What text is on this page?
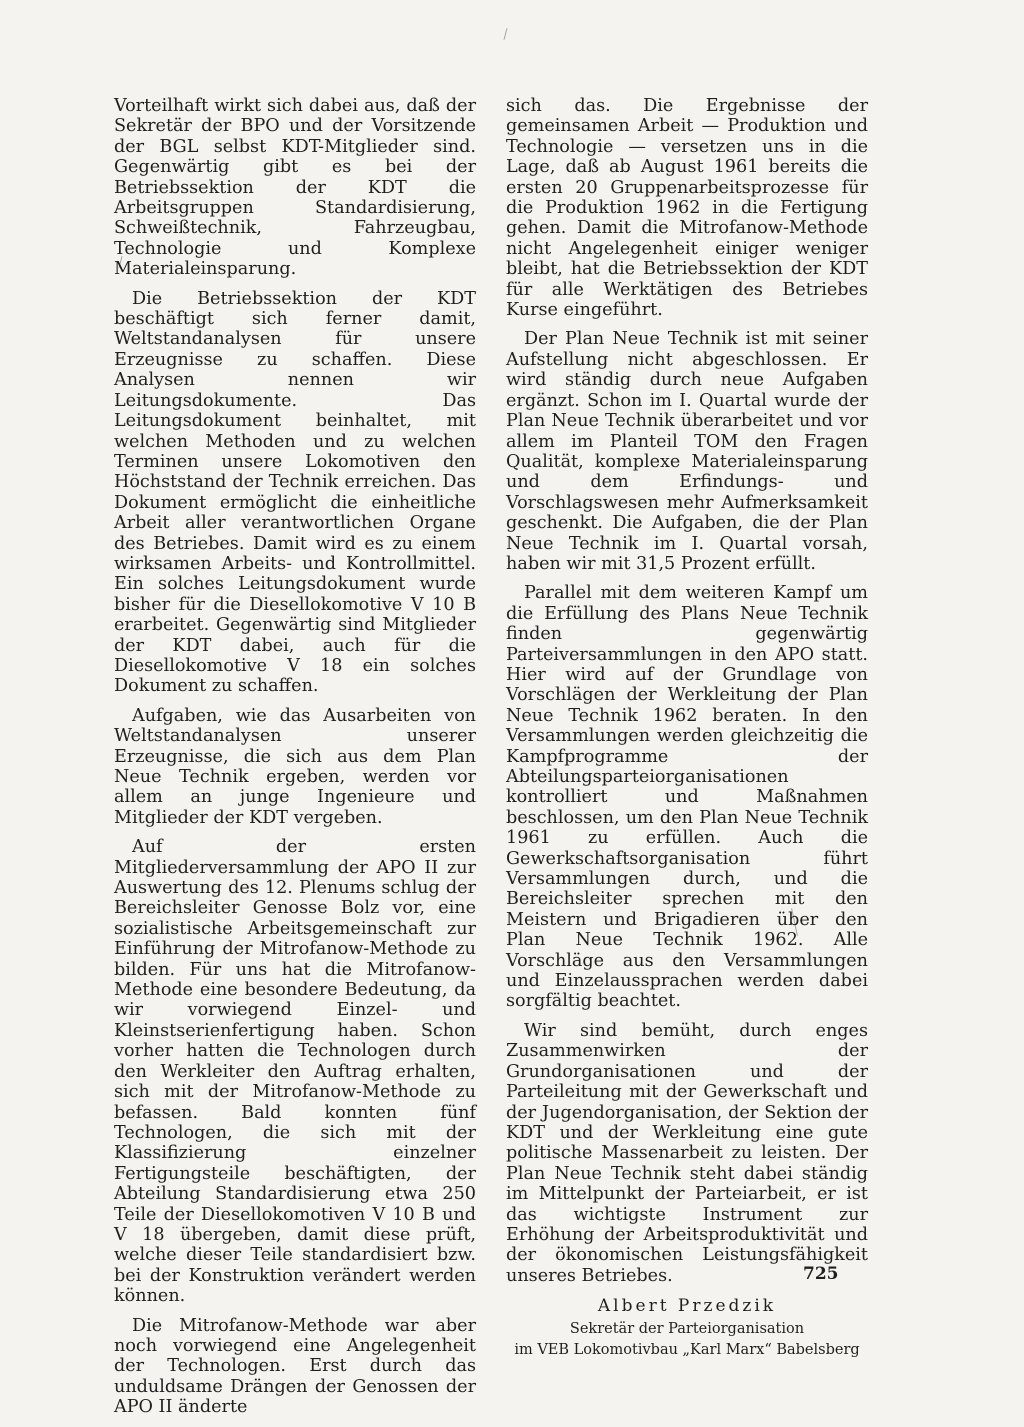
Vorteilhaft wirkt sich dabei aus, daß der Sekretär der BPO und der Vorsitzende der BGL selbst KDT-Mitglieder sind. Gegenwärtig gibt es bei der Betriebssektion der KDT die Arbeitsgruppen Standardisierung, Schweißtechnik, Fahrzeugbau, Technologie und Komplexe Materialeinsparung.

Die Betriebssektion der KDT beschäftigt sich ferner damit, Weltstandanalysen für unsere Erzeugnisse zu schaffen. Diese Analysen nennen wir Leitungsdokumente. Das Leitungsdokument beinhaltet, mit welchen Methoden und zu welchen Terminen unsere Lokomotiven den Höchststand der Technik erreichen. Das Dokument ermöglicht die einheitliche Arbeit aller verantwortlichen Organe des Betriebes. Damit wird es zu einem wirksamen Arbeits- und Kontrollmittel. Ein solches Leitungsdokument wurde bisher für die Diesellokomotive V 10 B erarbeitet. Gegenwärtig sind Mitglieder der KDT dabei, auch für die Diesellokomotive V 18 ein solches Dokument zu schaffen.

Aufgaben, wie das Ausarbeiten von Weltstandanalysen unserer Erzeugnisse, die sich aus dem Plan Neue Technik ergeben, werden vor allem an junge Ingenieure und Mitglieder der KDT vergeben.

Auf der ersten Mitgliederversammlung der APO II zur Auswertung des 12. Plenums schlug der Bereichsleiter Genosse Bolz vor, eine sozialistische Arbeitsgemeinschaft zur Einführung der Mitrofanow-Methode zu bilden. Für uns hat die Mitrofanow-Methode eine besondere Bedeutung, da wir vorwiegend Einzel- und Kleinstserienfertigung haben. Schon vorher hatten die Technologen durch den Werkleiter den Auftrag erhalten, sich mit der Mitrofanow-Methode zu befassen. Bald konnten fünf Technologen, die sich mit der Klassifizierung einzelner Fertigungsteile beschäftigten, der Abteilung Standardisierung etwa 250 Teile der Diesellokomotiven V 10 B und V 18 übergeben, damit diese prüft, welche dieser Teile standardisiert bzw. bei der Konstruktion verändert werden können.

Die Mitrofanow-Methode war aber noch vorwiegend eine Angelegenheit der Technologen. Erst durch das unduldsame Drängen der Genossen der APO II änderte

sich das. Die Ergebnisse der gemeinsamen Arbeit — Produktion und Technologie — versetzen uns in die Lage, daß ab August 1961 bereits die ersten 20 Gruppenarbeitsprozesse für die Produktion 1962 in die Fertigung gehen. Damit die Mitrofanow-Methode nicht Angelegenheit einiger weniger bleibt, hat die Betriebssektion der KDT für alle Werktätigen des Betriebes Kurse eingeführt.

Der Plan Neue Technik ist mit seiner Aufstellung nicht abgeschlossen. Er wird ständig durch neue Aufgaben ergänzt. Schon im I. Quartal wurde der Plan Neue Technik überarbeitet und vor allem im Planteil TOM den Fragen Qualität, komplexe Materialeinsparung und dem Erfindungs- und Vorschlagswesen mehr Aufmerksamkeit geschenkt. Die Aufgaben, die der Plan Neue Technik im I. Quartal vorsah, haben wir mit 31,5 Prozent erfüllt.

Parallel mit dem weiteren Kampf um die Erfüllung des Plans Neue Technik finden gegenwärtig Parteiversammlungen in den APO statt. Hier wird auf der Grundlage von Vorschlägen der Werkleitung der Plan Neue Technik 1962 beraten. In den Versammlungen werden gleichzeitig die Kampfprogramme der Abteilungsparteiorganisationen kontrolliert und Maßnahmen beschlossen, um den Plan Neue Technik 1961 zu erfüllen. Auch die Gewerkschaftsorganisation führt Versammlungen durch, und die Bereichsleiter sprechen mit den Meistern und Brigadieren über den Plan Neue Technik 1962. Alle Vorschläge aus den Versammlungen und Einzelaussprachen werden dabei sorgfältig beachtet.

Wir sind bemüht, durch enges Zusammenwirken der Grundorganisationen und der Parteileitung mit der Gewerkschaft und der Jugendorganisation, der Sektion der KDT und der Werkleitung eine gute politische Massenarbeit zu leisten. Der Plan Neue Technik steht dabei ständig im Mittelpunkt der Parteiarbeit, er ist das wichtigste Instrument zur Erhöhung der Arbeitsproduktivität und der ökonomischen Leistungsfähigkeit unseres Betriebes.

Albert Przedzik
Sekretär der Parteiorganisation
im VEB Lokomotivbau „Karl Marx“ Babelsberg
725
